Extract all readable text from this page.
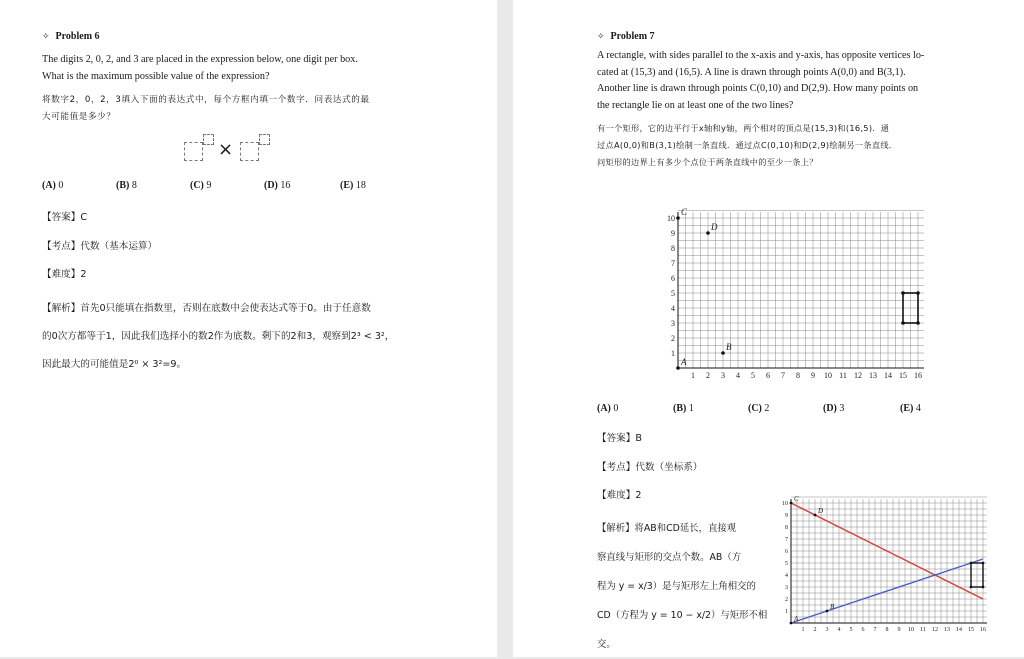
✧ Problem 6
The digits 2, 0, 2, and 3 are placed in the expression below, one digit per box.
What is the maximum possible value of the expression?
将数字2，0，2，3填入下面的表达式中，每个方框内填一个数字．问表达式的最
大可能值是多少？
×
(A) 0	(B) 8	(C) 9	(D) 16	(E) 18
【答案】C
【考点】代数（基本运算）
【难度】2
【解析】首先0只能填在指数里，否则在底数中会使表达式等于0。由于任意数
的0次方都等于1，因此我们选择小的数2作为底数。剩下的2和3，观察到2³ < 3²，
因此最大的可能值是2⁰ × 3²=9。
✧ Problem 7
A rectangle, with sides parallel to the x-axis and y-axis, has opposite vertices lo-
cated at (15,3) and (16,5). A line is drawn through points A(0,0) and B(3,1).
Another line is drawn through points C(0,10) and D(2,9). How many points on
the rectangle lie on at least one of the two lines?
有一个矩形，它的边平行于x轴和y轴，两个相对的顶点是(15,3)和(16,5)．通
过点A(0,0)和B(3,1)绘制一条直线．通过点C(0,10)和D(2,9)绘制另一条直线．
问矩形的边界上有多少个点位于两条直线中的至少一条上？
1 2 3 4 5 6 7 8 9 10 11 12 13 14 15 16
1
2
3
4
5
6
7
8
9
10
A
B
C
D
(A) 0	(B) 1	(C) 2	(D) 3	(E) 4
【答案】B
【考点】代数（坐标系）
【难度】2
【解析】将AB和CD延长，直接观
察直线与矩形的交点个数。AB（方
程为 y = x/3）是与矩形左上角相交的
CD（方程为 y = 10 − x/2）与矩形不相
交。
1 2 3 4 5 6 7 8 9 10 11 12 13 14 15 16
1
2
3
4
5
6
7
8
9
10
A
B
C
D
